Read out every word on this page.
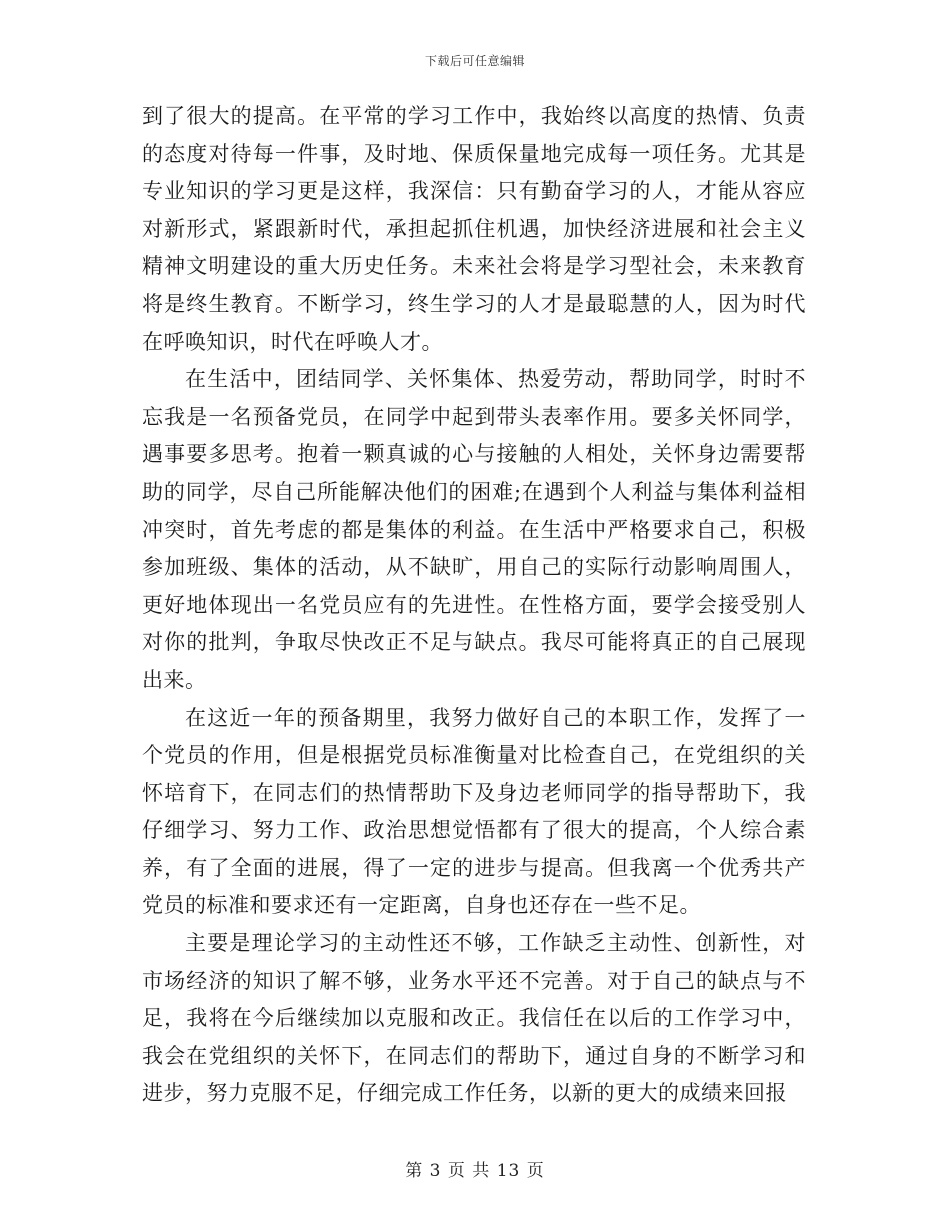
下载后可任意编辑

到了很大的提高。在平常的学习工作中，我始终以高度的热情、负责的态度对待每一件事，及时地、保质保量地完成每一项任务。尤其是专业知识的学习更是这样，我深信：只有勤奋学习的人，才能从容应对新形式，紧跟新时代，承担起抓住机遇，加快经济进展和社会主义精神文明建设的重大历史任务。未来社会将是学习型社会，未来教育将是终生教育。不断学习，终生学习的人才是最聪慧的人，因为时代在呼唤知识，时代在呼唤人才。

在生活中，团结同学、关怀集体、热爱劳动，帮助同学，时时不忘我是一名预备党员，在同学中起到带头表率作用。要多关怀同学，遇事要多思考。抱着一颗真诚的心与接触的人相处，关怀身边需要帮助的同学，尽自己所能解决他们的困难;在遇到个人利益与集体利益相冲突时，首先考虑的都是集体的利益。在生活中严格要求自己，积极参加班级、集体的活动，从不缺旷，用自己的实际行动影响周围人，更好地体现出一名党员应有的先进性。在性格方面，要学会接受别人对你的批判，争取尽快改正不足与缺点。我尽可能将真正的自己展现出来。

在这近一年的预备期里，我努力做好自己的本职工作，发挥了一个党员的作用，但是根据党员标准衡量对比检查自己，在党组织的关怀培育下，在同志们的热情帮助下及身边老师同学的指导帮助下，我仔细学习、努力工作、政治思想觉悟都有了很大的提高，个人综合素养，有了全面的进展，得了一定的进步与提高。但我离一个优秀共产党员的标准和要求还有一定距离，自身也还存在一些不足。

主要是理论学习的主动性还不够，工作缺乏主动性、创新性，对市场经济的知识了解不够，业务水平还不完善。对于自己的缺点与不足，我将在今后继续加以克服和改正。我信任在以后的工作学习中，我会在党组织的关怀下，在同志们的帮助下，通过自身的不断学习和进步，努力克服不足，仔细完成工作任务，以新的更大的成绩来回报

第 3 页 共 13 页
